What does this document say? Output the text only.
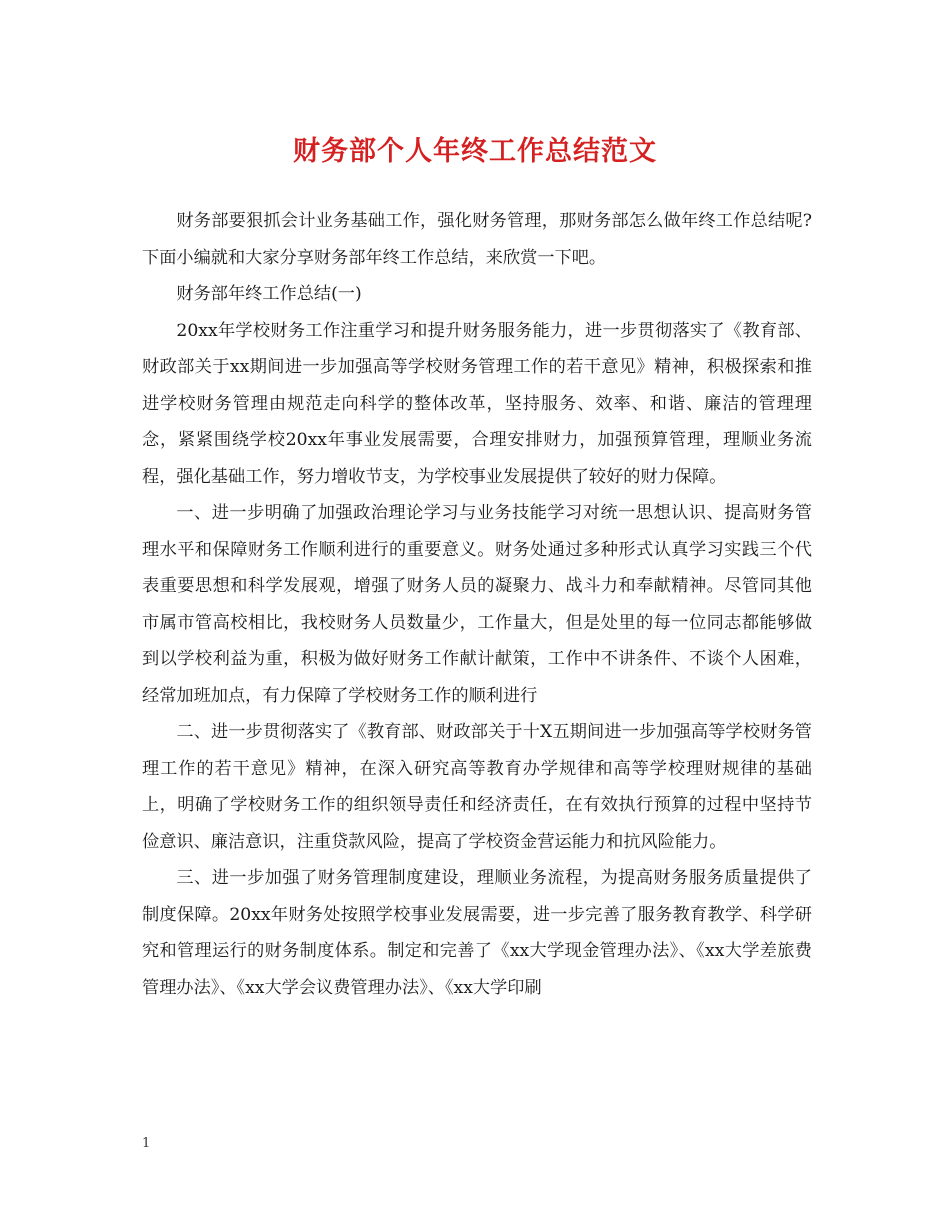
财务部个人年终工作总结范文

财务部要狠抓会计业务基础工作，强化财务管理，那财务部怎么做年终工作总结呢?下面小编就和大家分享财务部年终工作总结，来欣赏一下吧。

财务部年终工作总结(一)

20xx年学校财务工作注重学习和提升财务服务能力，进一步贯彻落实了《教育部、财政部关于xx期间进一步加强高等学校财务管理工作的若干意见》精神，积极探索和推进学校财务管理由规范走向科学的整体改革，坚持服务、效率、和谐、廉洁的管理理念，紧紧围绕学校20xx年事业发展需要，合理安排财力，加强预算管理，理顺业务流程，强化基础工作，努力增收节支，为学校事业发展提供了较好的财力保障。

一、进一步明确了加强政治理论学习与业务技能学习对统一思想认识、提高财务管理水平和保障财务工作顺利进行的重要意义。财务处通过多种形式认真学习实践三个代表重要思想和科学发展观，增强了财务人员的凝聚力、战斗力和奉献精神。尽管同其他市属市管高校相比，我校财务人员数量少，工作量大，但是处里的每一位同志都能够做到以学校利益为重，积极为做好财务工作献计献策，工作中不讲条件、不谈个人困难，经常加班加点，有力保障了学校财务工作的顺利进行

二、进一步贯彻落实了《教育部、财政部关于十X五期间进一步加强高等学校财务管理工作的若干意见》精神，在深入研究高等教育办学规律和高等学校理财规律的基础上，明确了学校财务工作的组织领导责任和经济责任，在有效执行预算的过程中坚持节俭意识、廉洁意识，注重贷款风险，提高了学校资金营运能力和抗风险能力。

三、进一步加强了财务管理制度建设，理顺业务流程，为提高财务服务质量提供了制度保障。20xx年财务处按照学校事业发展需要，进一步完善了服务教育教学、科学研究和管理运行的财务制度体系。制定和完善了《xx大学现金管理办法》、《xx大学差旅费管理办法》、《xx大学会议费管理办法》、《xx大学印刷

1
